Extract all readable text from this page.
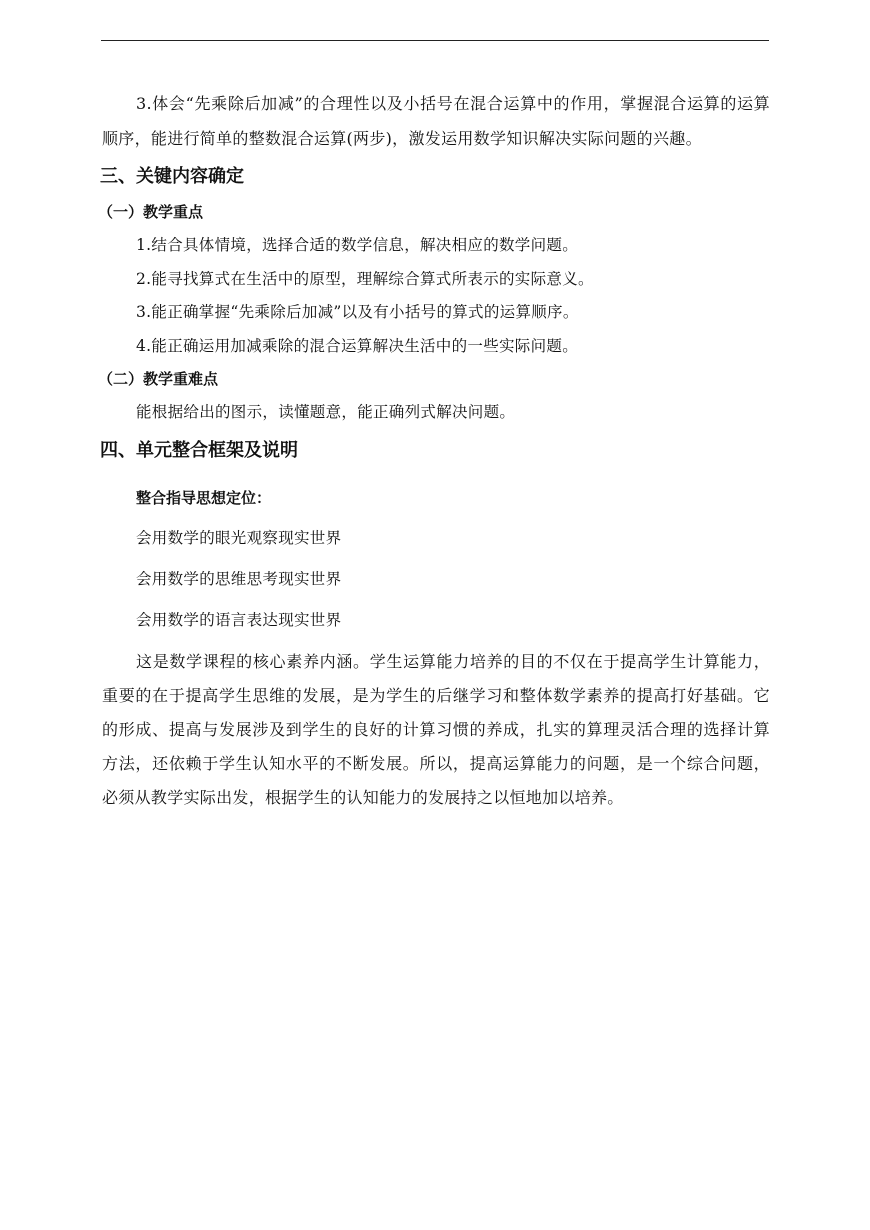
3.体会“先乘除后加减”的合理性以及小括号在混合运算中的作用，掌握混合运算的运算顺序，能进行简单的整数混合运算(两步)，激发运用数学知识解决实际问题的兴趣。

三、关键内容确定
（一）教学重点

1.结合具体情境，选择合适的数学信息，解决相应的数学问题。

2.能寻找算式在生活中的原型，理解综合算式所表示的实际意义。

3.能正确掌握“先乘除后加减”以及有小括号的算式的运算顺序。

4.能正确运用加减乘除的混合运算解决生活中的一些实际问题。

（二）教学重难点

能根据给出的图示，读懂题意，能正确列式解决问题。

四、单元整合框架及说明
整合指导思想定位：
会用数学的眼光观察现实世界
会用数学的思维思考现实世界
会用数学的语言表达现实世界

这是数学课程的核心素养内涵。学生运算能力培养的目的不仅在于提高学生计算能力，重要的在于提高学生思维的发展，是为学生的后继学习和整体数学素养的提高打好基础。它的形成、提高与发展涉及到学生的良好的计算习惯的养成，扎实的算理灵活合理的选择计算方法，还依赖于学生认知水平的不断发展。所以，提高运算能力的问题，是一个综合问题，必须从教学实际出发，根据学生的认知能力的发展持之以恒地加以培养。
